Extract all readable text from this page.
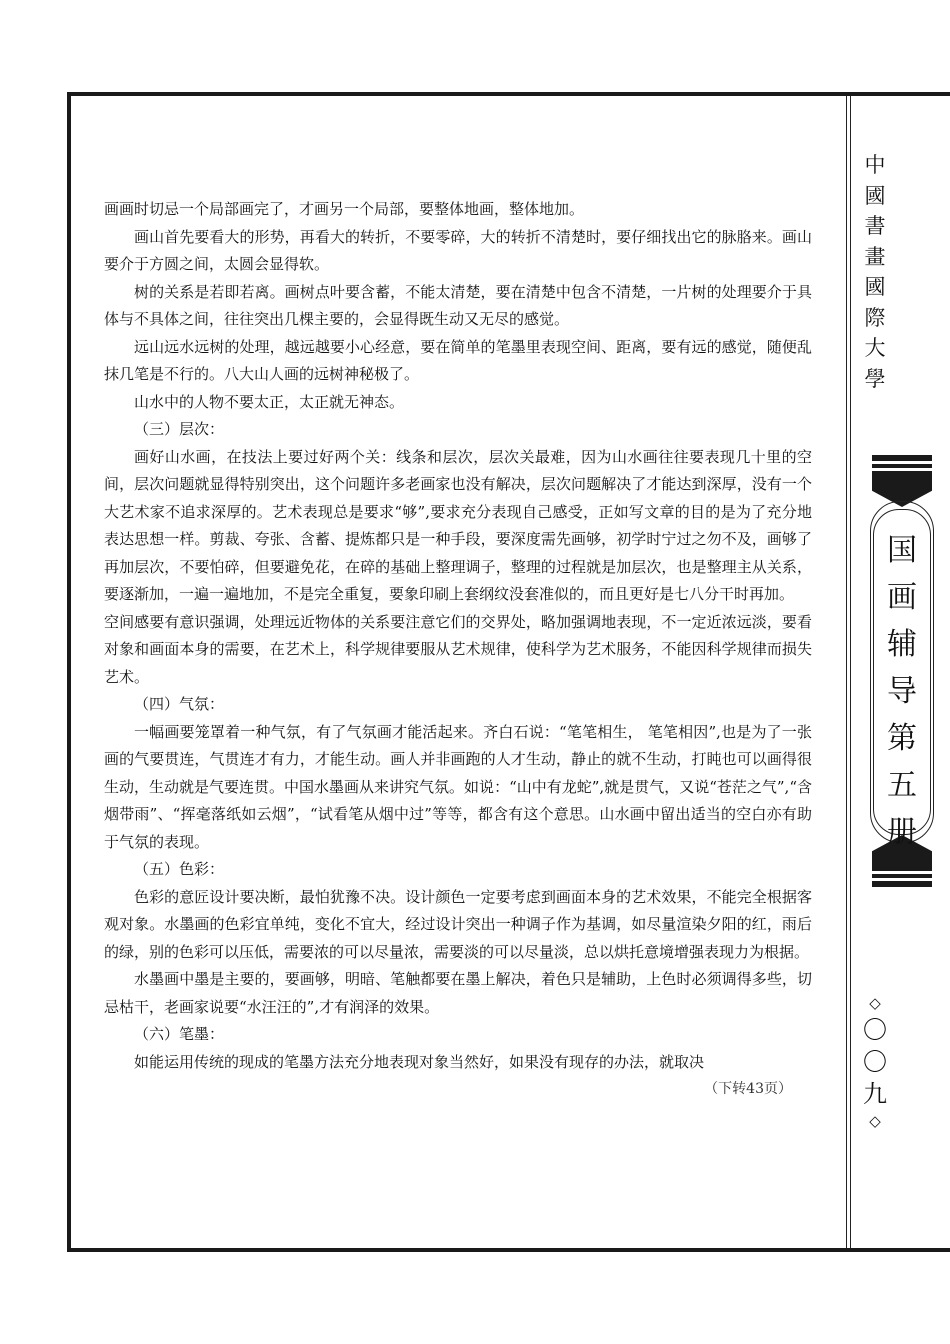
中
國
書
畫
國
際
大
學
国
画
辅
导
第
五
册
◇
〇
〇
九
◇

画画时切忌一个局部画完了，才画另一个局部，要整体地画，整体地加。

画山首先要看大的形势，再看大的转折，不要零碎，大的转折不清楚时，要仔细找出它的脉胳来。画山要介于方圆之间，太圆会显得软。

树的关系是若即若离。画树点叶要含蓄，不能太清楚，要在清楚中包含不清楚，一片树的处理要介于具体与不具体之间，往往突出几棵主要的，会显得既生动又无尽的感觉。

远山远水远树的处理，越远越要小心经意，要在简单的笔墨里表现空间、距离，要有远的感觉，随便乱抹几笔是不行的。八大山人画的远树神秘极了。

山水中的人物不要太正，太正就无神态。

（三）层次：

画好山水画，在技法上要过好两个关：线条和层次，层次关最难，因为山水画往往要表现几十里的空间，层次问题就显得特别突出，这个问题许多老画家也没有解决，层次问题解决了才能达到深厚，没有一个大艺术家不追求深厚的。艺术表现总是要求“够”,要求充分表现自己感受，正如写文章的目的是为了充分地表达思想一样。剪裁、夸张、含蓄、提炼都只是一种手段，要深度需先画够，初学时宁过之勿不及，画够了再加层次，不要怕碎，但要避免花，在碎的基础上整理调子，整理的过程就是加层次，也是整理主从关系，要逐渐加，一遍一遍地加，不是完全重复，要象印刷上套纲纹没套准似的，而且更好是七八分干时再加。

空间感要有意识强调，处理远近物体的关系要注意它们的交界处，略加强调地表现，不一定近浓远淡，要看对象和画面本身的需要，在艺术上，科学规律要服从艺术规律，使科学为艺术服务，不能因科学规律而损失艺术。

（四）气氛：

一幅画要笼罩着一种气氛，有了气氛画才能活起来。齐白石说：“笔笔相生， 笔笔相因”,也是为了一张画的气要贯连，气贯连才有力，才能生动。画人并非画跑的人才生动，静止的就不生动，打盹也可以画得很生动，生动就是气要连贯。中国水墨画从来讲究气氛。如说：“山中有龙蛇”,就是贯气，又说“苍茫之气”,“含烟带雨”、“挥毫落纸如云烟”，“试看笔从烟中过”等等，都含有这个意思。山水画中留出适当的空白亦有助于气氛的表现。

（五）色彩：

色彩的意匠设计要决断，最怕犹豫不决。设计颜色一定要考虑到画面本身的艺术效果，不能完全根据客观对象。水墨画的色彩宜单纯，变化不宜大，经过设计突出一种调子作为基调，如尽量渲染夕阳的红，雨后的绿，别的色彩可以压低，需要浓的可以尽量浓，需要淡的可以尽量淡，总以烘托意境增强表现力为根据。

水墨画中墨是主要的，要画够，明暗、笔触都要在墨上解决，着色只是辅助，上色时必须调得多些，切忌枯干，老画家说要“水汪汪的”,才有润泽的效果。

（六）笔墨：

如能运用传统的现成的笔墨方法充分地表现对象当然好，如果没有现存的办法，就取决

（下转43页）
